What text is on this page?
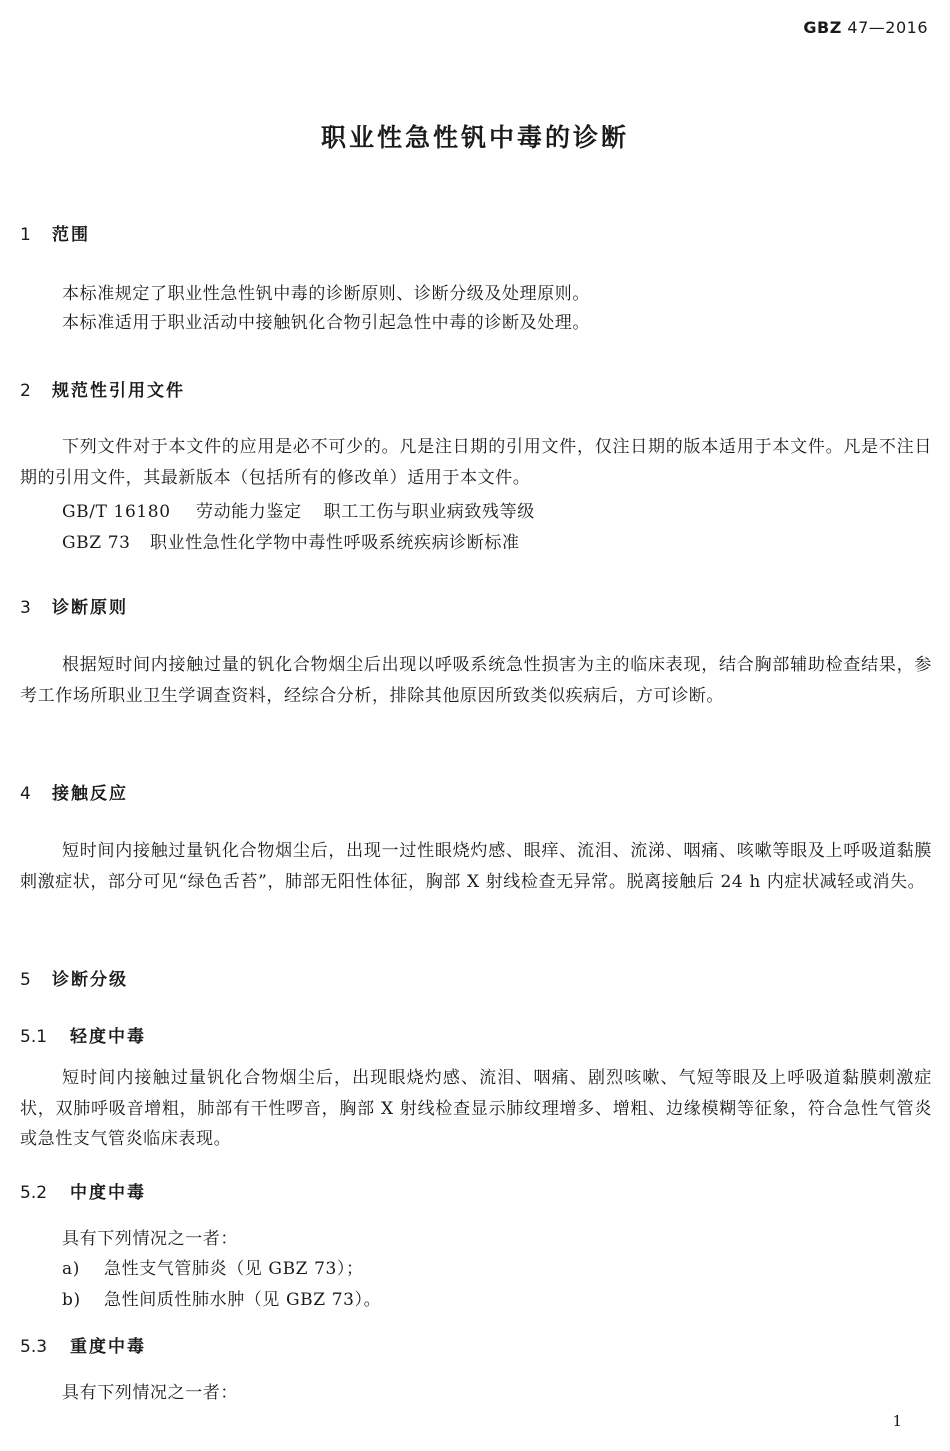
GBZ 47—2016
职业性急性钒中毒的诊断
1 范围

本标准规定了职业性急性钒中毒的诊断原则、诊断分级及处理原则。

本标准适用于职业活动中接触钒化合物引起急性中毒的诊断及处理。

2 规范性引用文件

下列文件对于本文件的应用是必不可少的。凡是注日期的引用文件，仅注日期的版本适用于本文件。凡是不注日期的引用文件，其最新版本（包括所有的修改单）适用于本文件。

GB/T 16180 劳动能力鉴定 职工工伤与职业病致残等级
GBZ 73 职业性急性化学物中毒性呼吸系统疾病诊断标准
3 诊断原则

根据短时间内接触过量的钒化合物烟尘后出现以呼吸系统急性损害为主的临床表现，结合胸部辅助检查结果，参考工作场所职业卫生学调查资料，经综合分析，排除其他原因所致类似疾病后，方可诊断。

4 接触反应

短时间内接触过量钒化合物烟尘后，出现一过性眼烧灼感、眼痒、流泪、流涕、咽痛、咳嗽等眼及上呼吸道黏膜刺激症状，部分可见“绿色舌苔”，肺部无阳性体征，胸部 X 射线检查无异常。脱离接触后 24 h 内症状减轻或消失。

5 诊断分级
5.1 轻度中毒

短时间内接触过量钒化合物烟尘后，出现眼烧灼感、流泪、咽痛、剧烈咳嗽、气短等眼及上呼吸道黏膜刺激症状，双肺呼吸音增粗，肺部有干性啰音，胸部 X 射线检查显示肺纹理增多、增粗、边缘模糊等征象，符合急性气管炎或急性支气管炎临床表现。

5.2 中度中毒
具有下列情况之一者：
a) 急性支气管肺炎（见 GBZ 73）；
b) 急性间质性肺水肿（见 GBZ 73）。
5.3 重度中毒
具有下列情况之一者：
1
